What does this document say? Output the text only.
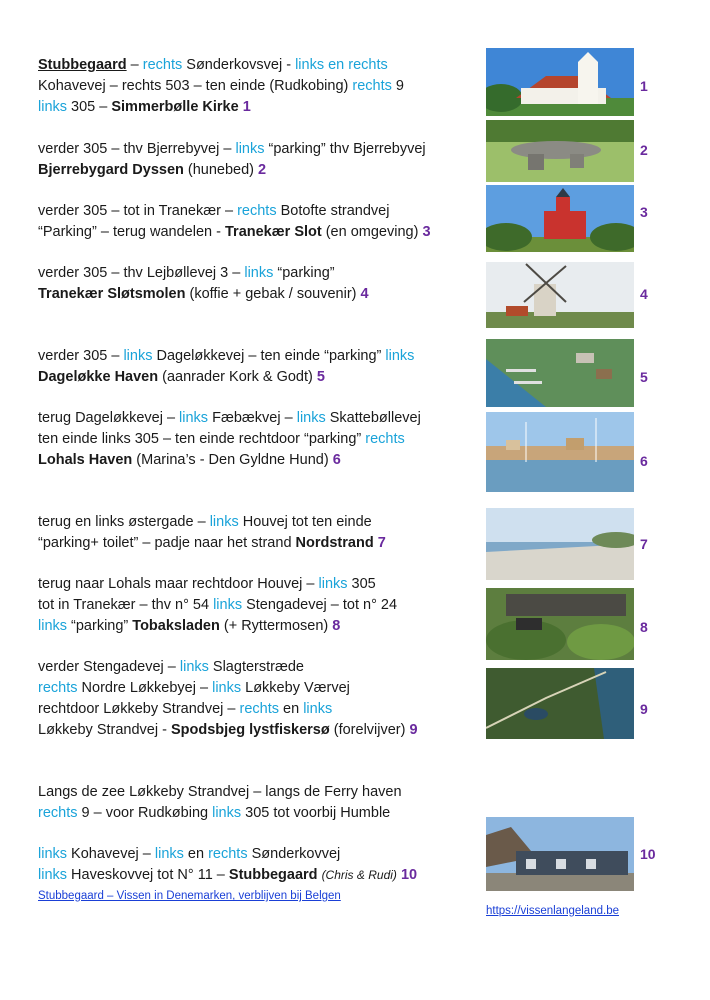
Stubbegaard – rechts Sønderkovsvej - links en rechts
Kohavevej – rechts 503 – ten einde (Rudkobing) rechts 9
links 305 – Simmerbølle Kirke 1
verder 305 – thv Bjerrebyvej – links “parking” thv Bjerrebyvej
Bjerrebygard Dyssen (hunebed) 2
verder 305 – tot in Tranekær – rechts Botofte strandvej
“Parking” – terug wandelen - Tranekær Slot (en omgeving) 3
verder 305 – thv Lejbøllevej 3 – links “parking”
Tranekær Sløtsmolen (koffie + gebak / souvenir) 4
verder 305 – links Dageløkkevej – ten einde “parking” links
Dageløkke Haven (aanrader Kork & Godt) 5
terug Dageløkkevej – links Fæbækvej – links Skattebøllevej
ten einde links 305 – ten einde rechtdoor “parking” rechts
Lohals Haven (Marina’s - Den Gyldne Hund) 6
terug en links østergade – links Houvej tot ten einde
“parking+ toilet” – padje naar het strand Nordstrand 7
terug naar Lohals maar rechtdoor Houvej – links 305
tot in Tranekær – thv n° 54 links Stengadevej – tot n° 24
links “parking” Tobaksladen (+ Ryttermosen) 8
verder Stengadevej – links Slagterstræde
rechts Nordre Løkkebyej – links Løkkeby Værvej
rechtdoor Løkkeby Strandvej – rechts en links
Løkkeby Strandvej - Spodsbjeg lystfiskersø (forelvijver) 9
Langs de zee Løkkeby Strandvej – langs de Ferry haven
rechts 9 – voor Rudkøbing links 305 tot voorbij Humble
links Kohavevej – links en rechts Sønderkovvej
links Haveskovvej tot N° 11 – Stubbegaard (Chris & Rudi) 10
Stubbegaard – Vissen in Denemarken, verblijven bij Belgen
https://vissenlangeland.be
1
2
3
4
5
6
7
8
9
10
